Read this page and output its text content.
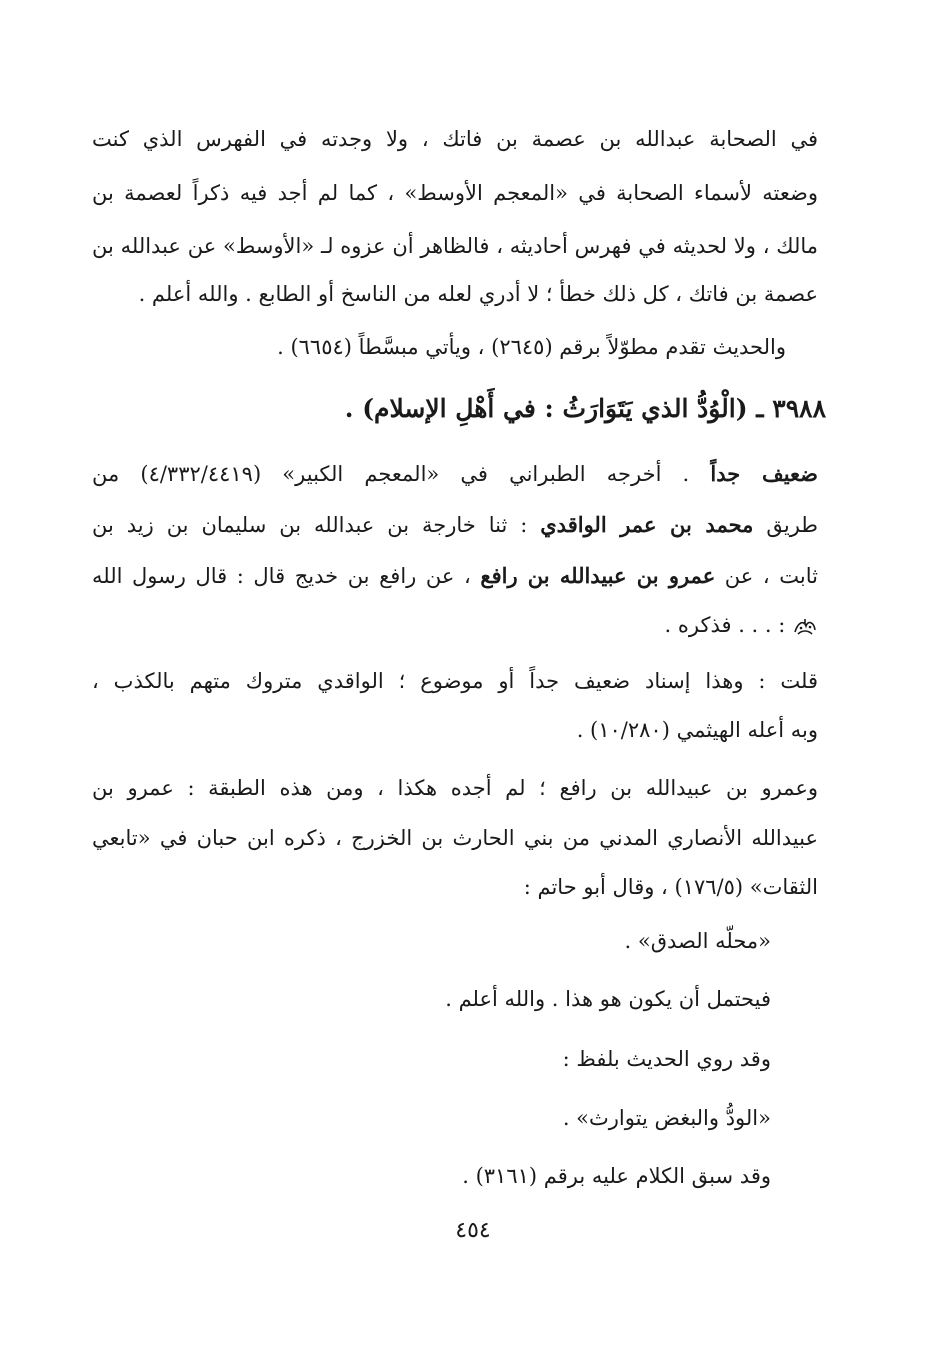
في الصحابة عبدالله بن عصمة بن فاتك ، ولا وجدته في الفهرس الذي كنت
وضعته لأسماء الصحابة في «المعجم الأوسط» ، كما لم أجد فيه ذكراً لعصمة بن
مالك ، ولا لحديثه في فهرس أحاديثه ، فالظاهر أن عزوه لـ «الأوسط» عن عبدالله بن
عصمة بن فاتك ، كل ذلك خطأ ؛ لا أدري لعله من الناسخ أو الطابع . والله أعلم .
والحديث تقدم مطوّلاً برقم (٢٦٤٥) ، ويأتي مبسَّطاً (٦٦٥٤) .
٣٩٨٨ ـ (الْوُدُّ الذي يَتَوَارَثُ : في أَهْلِ الإسلام) .
ضعيف جداً . أخرجه الطبراني في «المعجم الكبير» (٤/٣٣٢/٤٤١٩) من
طريق محمد بن عمر الواقدي : ثنا خارجة بن عبدالله بن سليمان بن زيد بن
ثابت ، عن عمرو بن عبيدالله بن رافع ، عن رافع بن خديج قال : قال رسول الله
: . . . فذكره .
قلت : وهذا إسناد ضعيف جداً أو موضوع ؛ الواقدي متروك متهم بالكذب ،
وبه أعله الهيثمي (١٠/٢٨٠) .
وعمرو بن عبيدالله بن رافع ؛ لم أجده هكذا ، ومن هذه الطبقة : عمرو بن
عبيدالله الأنصاري المدني من بني الحارث بن الخزرج ، ذكره ابن حبان في «تابعي
الثقات» (١٧٦/٥) ، وقال أبو حاتم :
«محلّه الصدق» .
فيحتمل أن يكون هو هذا . والله أعلم .
وقد روي الحديث بلفظ :
«الودُّ والبغض يتوارث» .
وقد سبق الكلام عليه برقم (٣١٦١) .
٤٥٤
